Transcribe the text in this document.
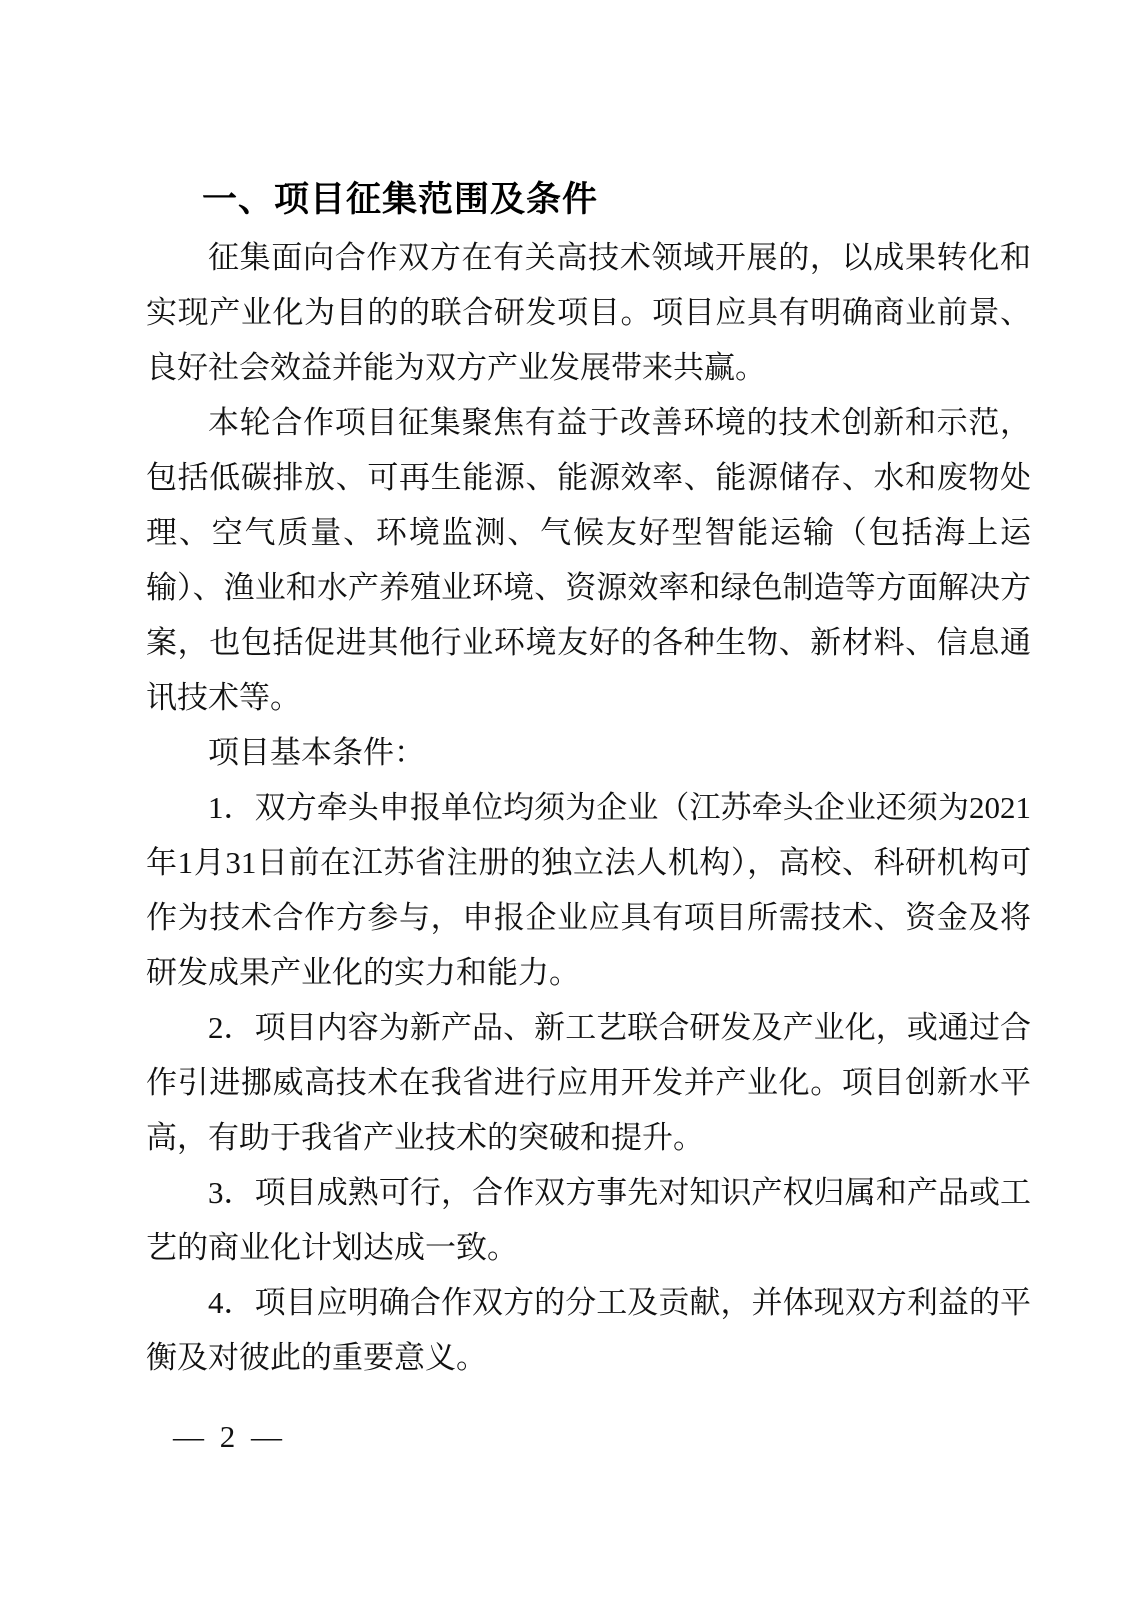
一、项目征集范围及条件

征集面向合作双方在有关高技术领域开展的，以成果转化和实现产业化为目的的联合研发项目。项目应具有明确商业前景、良好社会效益并能为双方产业发展带来共赢。

本轮合作项目征集聚焦有益于改善环境的技术创新和示范，包括低碳排放、可再生能源、能源效率、能源储存、水和废物处理、空气质量、环境监测、气候友好型智能运输（包括海上运输）、渔业和水产养殖业环境、资源效率和绿色制造等方面解决方案，也包括促进其他行业环境友好的各种生物、新材料、信息通讯技术等。

项目基本条件：

1．双方牵头申报单位均须为企业（江苏牵头企业还须为2021年1月31日前在江苏省注册的独立法人机构），高校、科研机构可作为技术合作方参与，申报企业应具有项目所需技术、资金及将研发成果产业化的实力和能力。

2．项目内容为新产品、新工艺联合研发及产业化，或通过合作引进挪威高技术在我省进行应用开发并产业化。项目创新水平高，有助于我省产业技术的突破和提升。

3．项目成熟可行，合作双方事先对知识产权归属和产品或工艺的商业化计划达成一致。

4．项目应明确合作双方的分工及贡献，并体现双方利益的平衡及对彼此的重要意义。

— 2 —
